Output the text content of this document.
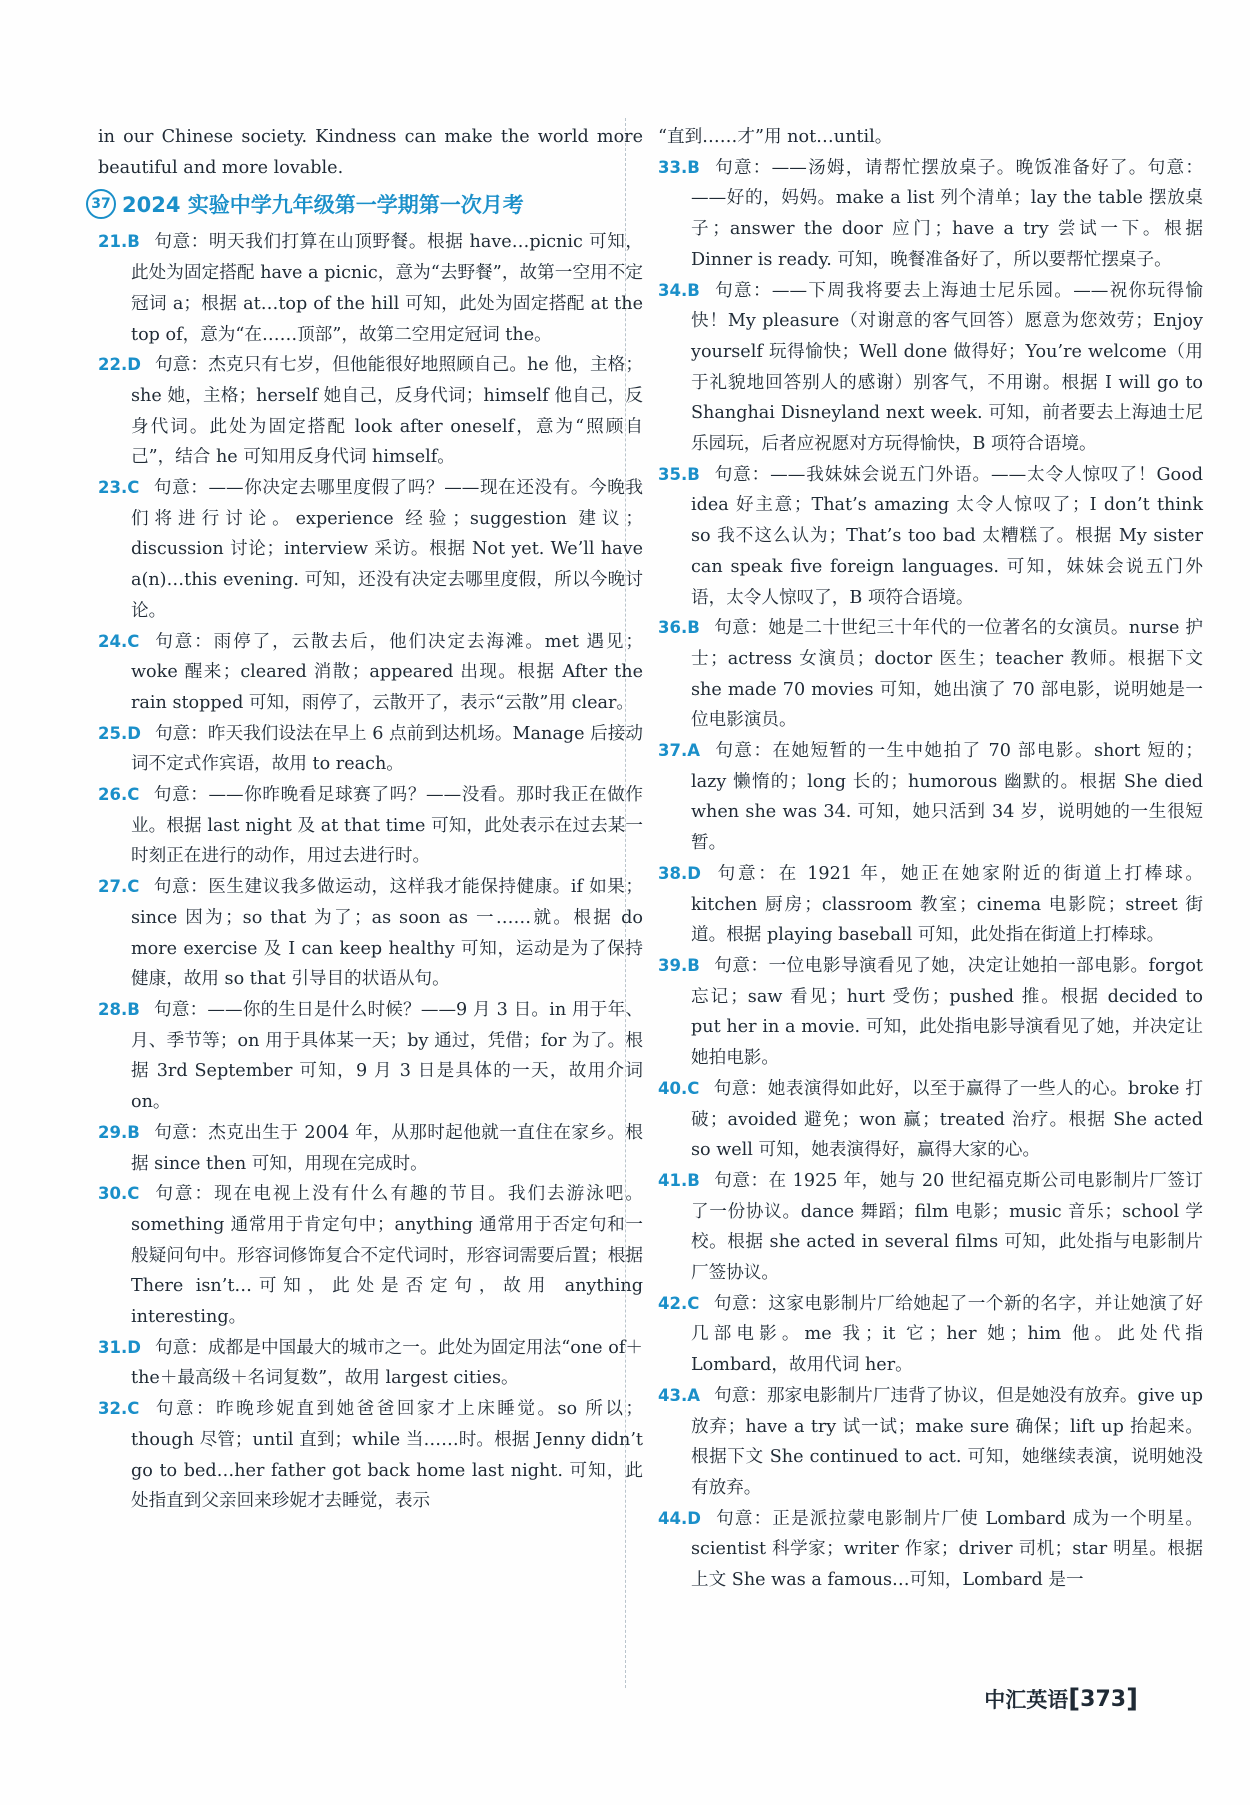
in our Chinese society. Kindness can make the world more beautiful and more lovable.

37 2024 实验中学九年级第一学期第一次月考

21.B 句意：明天我们打算在山顶野餐。根据 have…picnic 可知，此处为固定搭配 have a picnic，意为“去野餐”，故第一空用不定冠词 a；根据 at…top of the hill 可知，此处为固定搭配 at the top of，意为“在……顶部”，故第二空用定冠词 the。

22.D 句意：杰克只有七岁，但他能很好地照顾自己。he 他，主格；she 她，主格；herself 她自己，反身代词；himself 他自己，反身代词。此处为固定搭配 look after oneself，意为“照顾自己”，结合 he 可知用反身代词 himself。

23.C 句意：——你决定去哪里度假了吗？——现在还没有。今晚我们将进行讨论。experience 经验；suggestion 建议；discussion 讨论；interview 采访。根据 Not yet. We’ll have a(n)…this evening. 可知，还没有决定去哪里度假，所以今晚讨论。

24.C 句意：雨停了，云散去后，他们决定去海滩。met 遇见；woke 醒来；cleared 消散；appeared 出现。根据 After the rain stopped 可知，雨停了，云散开了，表示“云散”用 clear。

25.D 句意：昨天我们设法在早上 6 点前到达机场。Manage 后接动词不定式作宾语，故用 to reach。

26.C 句意：——你昨晚看足球赛了吗？——没看。那时我正在做作业。根据 last night 及 at that time 可知，此处表示在过去某一时刻正在进行的动作，用过去进行时。

27.C 句意：医生建议我多做运动，这样我才能保持健康。if 如果；since 因为；so that 为了；as soon as 一……就。根据 do more exercise 及 I can keep healthy 可知，运动是为了保持健康，故用 so that 引导目的状语从句。

28.B 句意：——你的生日是什么时候？——9 月 3 日。in 用于年、月、季节等；on 用于具体某一天；by 通过，凭借；for 为了。根据 3rd September 可知，9 月 3 日是具体的一天，故用介词 on。

29.B 句意：杰克出生于 2004 年，从那时起他就一直住在家乡。根据 since then 可知，用现在完成时。

30.C 句意：现在电视上没有什么有趣的节目。我们去游泳吧。something 通常用于肯定句中；anything 通常用于否定句和一般疑问句中。形容词修饰复合不定代词时，形容词需要后置；根据 There isn’t…可知，此处是否定句，故用 anything interesting。

31.D 句意：成都是中国最大的城市之一。此处为固定用法“one of＋the＋最高级＋名词复数”，故用 largest cities。

32.C 句意：昨晚珍妮直到她爸爸回家才上床睡觉。so 所以；though 尽管；until 直到；while 当……时。根据 Jenny didn’t go to bed…her father got back home last night. 可知，此处指直到父亲回来珍妮才去睡觉，表示

“直到……才”用 not…until。

33.B 句意：——汤姆，请帮忙摆放桌子。晚饭准备好了。句意：——好的，妈妈。make a list 列个清单；lay the table 摆放桌子；answer the door 应门；have a try 尝试一下。根据 Dinner is ready. 可知，晚餐准备好了，所以要帮忙摆桌子。

34.B 句意：——下周我将要去上海迪士尼乐园。——祝你玩得愉快！My pleasure（对谢意的客气回答）愿意为您效劳；Enjoy yourself 玩得愉快；Well done 做得好；You’re welcome（用于礼貌地回答别人的感谢）别客气，不用谢。根据 I will go to Shanghai Disneyland next week. 可知，前者要去上海迪士尼乐园玩，后者应祝愿对方玩得愉快，B 项符合语境。

35.B 句意：——我妹妹会说五门外语。——太令人惊叹了！Good idea 好主意；That’s amazing 太令人惊叹了；I don’t think so 我不这么认为；That’s too bad 太糟糕了。根据 My sister can speak five foreign languages. 可知，妹妹会说五门外语，太令人惊叹了，B 项符合语境。

36.B 句意：她是二十世纪三十年代的一位著名的女演员。nurse 护士；actress 女演员；doctor 医生；teacher 教师。根据下文 she made 70 movies 可知，她出演了 70 部电影，说明她是一位电影演员。

37.A 句意：在她短暂的一生中她拍了 70 部电影。short 短的；lazy 懒惰的；long 长的；humorous 幽默的。根据 She died when she was 34. 可知，她只活到 34 岁，说明她的一生很短暂。

38.D 句意：在 1921 年，她正在她家附近的街道上打棒球。kitchen 厨房；classroom 教室；cinema 电影院；street 街道。根据 playing baseball 可知，此处指在街道上打棒球。

39.B 句意：一位电影导演看见了她，决定让她拍一部电影。forgot 忘记；saw 看见；hurt 受伤；pushed 推。根据 decided to put her in a movie. 可知，此处指电影导演看见了她，并决定让她拍电影。

40.C 句意：她表演得如此好，以至于赢得了一些人的心。broke 打破；avoided 避免；won 赢；treated 治疗。根据 She acted so well 可知，她表演得好，赢得大家的心。

41.B 句意：在 1925 年，她与 20 世纪福克斯公司电影制片厂签订了一份协议。dance 舞蹈；film 电影；music 音乐；school 学校。根据 she acted in several films 可知，此处指与电影制片厂签协议。

42.C 句意：这家电影制片厂给她起了一个新的名字，并让她演了好几部电影。me 我；it 它；her 她；him 他。此处代指 Lombard，故用代词 her。

43.A 句意：那家电影制片厂违背了协议，但是她没有放弃。give up 放弃；have a try 试一试；make sure 确保；lift up 抬起来。根据下文 She continued to act. 可知，她继续表演，说明她没有放弃。

44.D 句意：正是派拉蒙电影制片厂使 Lombard 成为一个明星。scientist 科学家；writer 作家；driver 司机；star 明星。根据上文 She was a famous…可知，Lombard 是一

中汇英语 [ 373 ]
